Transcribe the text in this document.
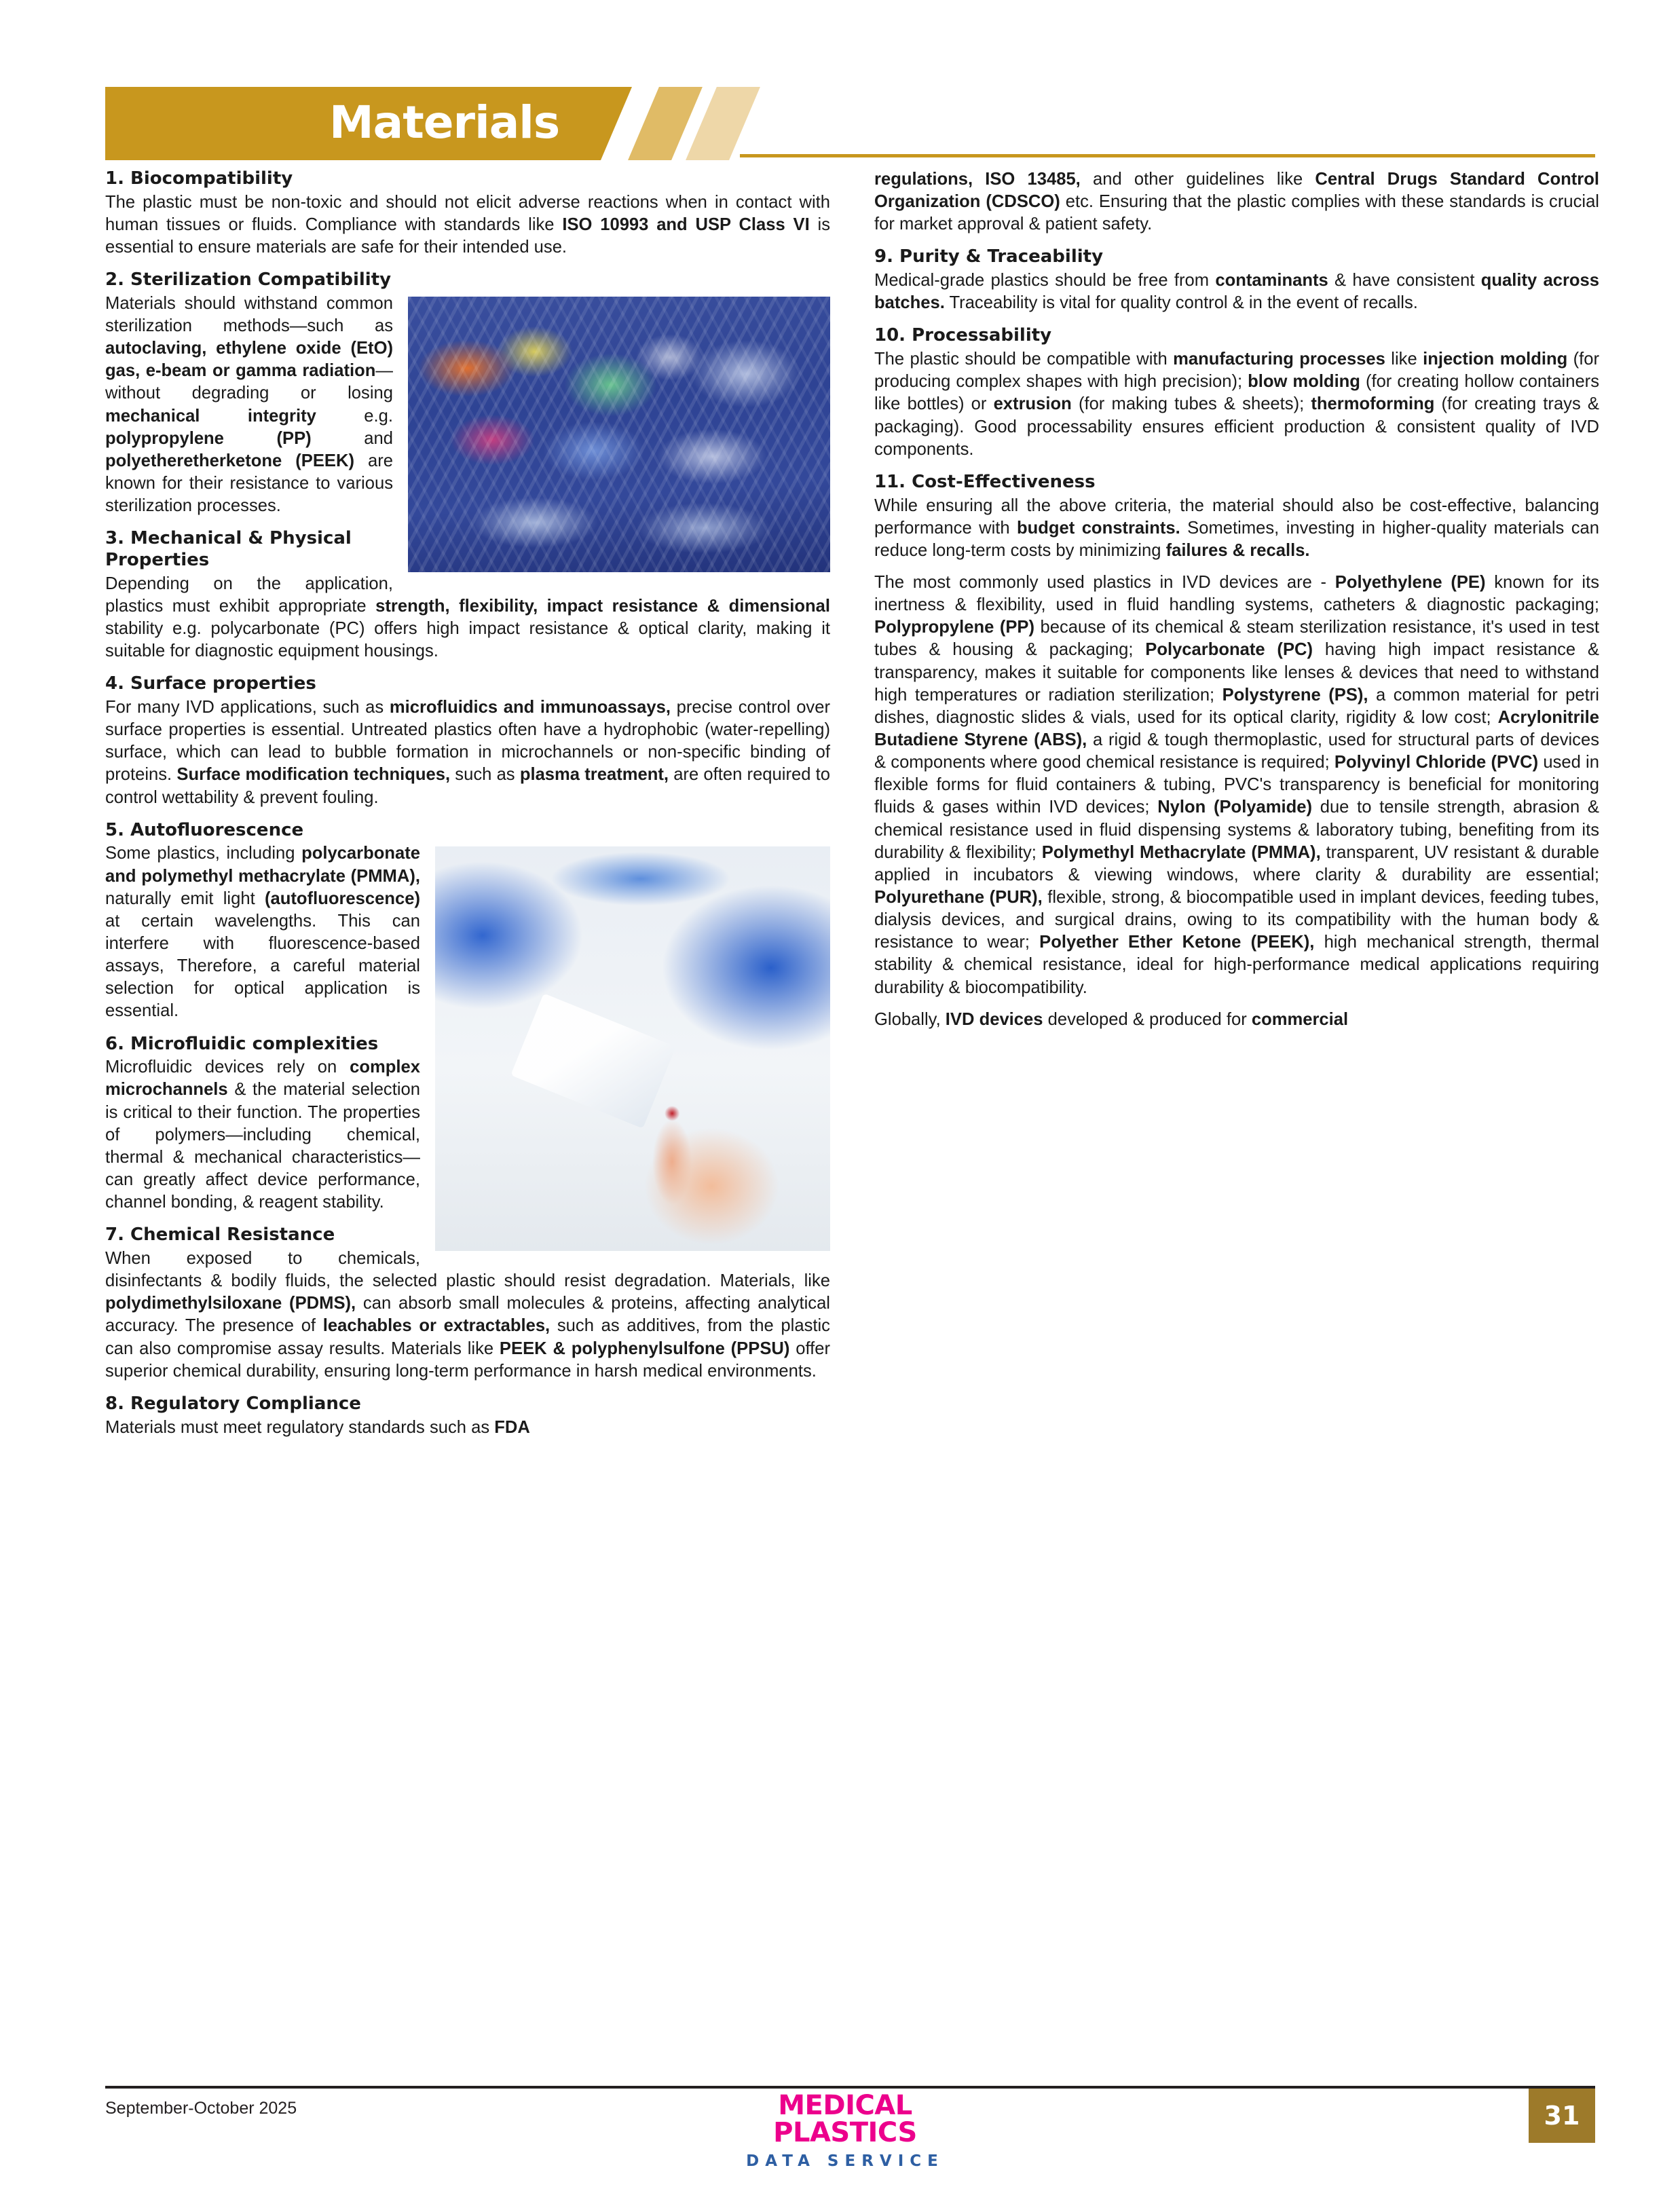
Materials
1. Biocompatibility

The plastic must be non-toxic and should not elicit adverse reactions when in contact with human tissues or fluids. Compliance with standards like ISO 10993 and USP Class VI is essential to ensure materials are safe for their intended use.

2. Sterilization Compatibility

Materials should withstand common sterilization methods—such as autoclaving, ethylene oxide (EtO) gas, e-beam or gamma radiation—without degrading or losing mechanical integrity e.g. polypropylene (PP) and polyetheretherketone (PEEK) are known for their resistance to various sterilization processes.

3. Mechanical & Physical Properties

Depending on the application, plastics must exhibit appropriate strength, flexibility, impact resistance & dimensional stability e.g. polycarbonate (PC) offers high impact resistance & optical clarity, making it suitable for diagnostic equipment housings.

4. Surface properties

For many IVD applications, such as microfluidics and immunoassays, precise control over surface properties is essential. Untreated plastics often have a hydrophobic (water-repelling) surface, which can lead to bubble formation in microchannels or non-specific binding of proteins. Surface modification techniques, such as plasma treatment, are often required to control wettability & prevent fouling.

5. Autofluorescence

Some plastics, including polycarbonate and polymethyl methacrylate (PMMA), naturally emit light (autofluorescence) at certain wavelengths. This can interfere with fluorescence-based assays, Therefore, a careful material selection for optical application is essential.

6. Microfluidic complexities

Microfluidic devices rely on complex microchannels & the material selection is critical to their function. The properties of polymers—including chemical, thermal & mechanical characteristics—can greatly affect device performance, channel bonding, & reagent stability.

7. Chemical Resistance

When exposed to chemicals, disinfectants & bodily fluids, the selected plastic should resist degradation. Materials, like polydimethylsiloxane (PDMS), can absorb small molecules & proteins, affecting analytical accuracy. The presence of leachables or extractables, such as additives, from the plastic can also compromise assay results. Materials like PEEK & polyphenylsulfone (PPSU) offer superior chemical durability, ensuring long-term performance in harsh medical environments.

8. Regulatory Compliance

Materials must meet regulatory standards such as FDA

regulations, ISO 13485, and other guidelines like Central Drugs Standard Control Organization (CDSCO) etc. Ensuring that the plastic complies with these standards is crucial for market approval & patient safety.

9. Purity & Traceability

Medical-grade plastics should be free from contaminants & have consistent quality across batches. Traceability is vital for quality control & in the event of recalls.

10. Processability

The plastic should be compatible with manufacturing processes like injection molding (for producing complex shapes with high precision); blow molding (for creating hollow containers like bottles) or extrusion (for making tubes & sheets); thermoforming (for creating trays & packaging). Good processability ensures efficient production & consistent quality of IVD components.

11. Cost-Effectiveness

While ensuring all the above criteria, the material should also be cost-effective, balancing performance with budget constraints. Sometimes, investing in higher-quality materials can reduce long-term costs by minimizing failures & recalls.

The most commonly used plastics in IVD devices are - Polyethylene (PE) known for its inertness & flexibility, used in fluid handling systems, catheters & diagnostic packaging; Polypropylene (PP) because of its chemical & steam sterilization resistance, it's used in test tubes & housing & packaging; Polycarbonate (PC) having high impact resistance & transparency, makes it suitable for components like lenses & devices that need to withstand high temperatures or radiation sterilization; Polystyrene (PS), a common material for petri dishes, diagnostic slides & vials, used for its optical clarity, rigidity & low cost; Acrylonitrile Butadiene Styrene (ABS), a rigid & tough thermoplastic, used for structural parts of devices & components where good chemical resistance is required; Polyvinyl Chloride (PVC) used in flexible forms for fluid containers & tubing, PVC's transparency is beneficial for monitoring fluids & gases within IVD devices; Nylon (Polyamide) due to tensile strength, abrasion & chemical resistance used in fluid dispensing systems & laboratory tubing, benefiting from its durability & flexibility; Polymethyl Methacrylate (PMMA), transparent, UV resistant & durable applied in incubators & viewing windows, where clarity & durability are essential; Polyurethane (PUR), flexible, strong, & biocompatible used in implant devices, feeding tubes, dialysis devices, and surgical drains, owing to its compatibility with the human body & resistance to wear; Polyether Ether Ketone (PEEK), high mechanical strength, thermal stability & chemical resistance, ideal for high-performance medical applications requiring durability & biocompatibility.

Globally, IVD devices developed & produced for commercial

September-October 2025	MEDICAL PLASTICS
DATA SERVICE
31
